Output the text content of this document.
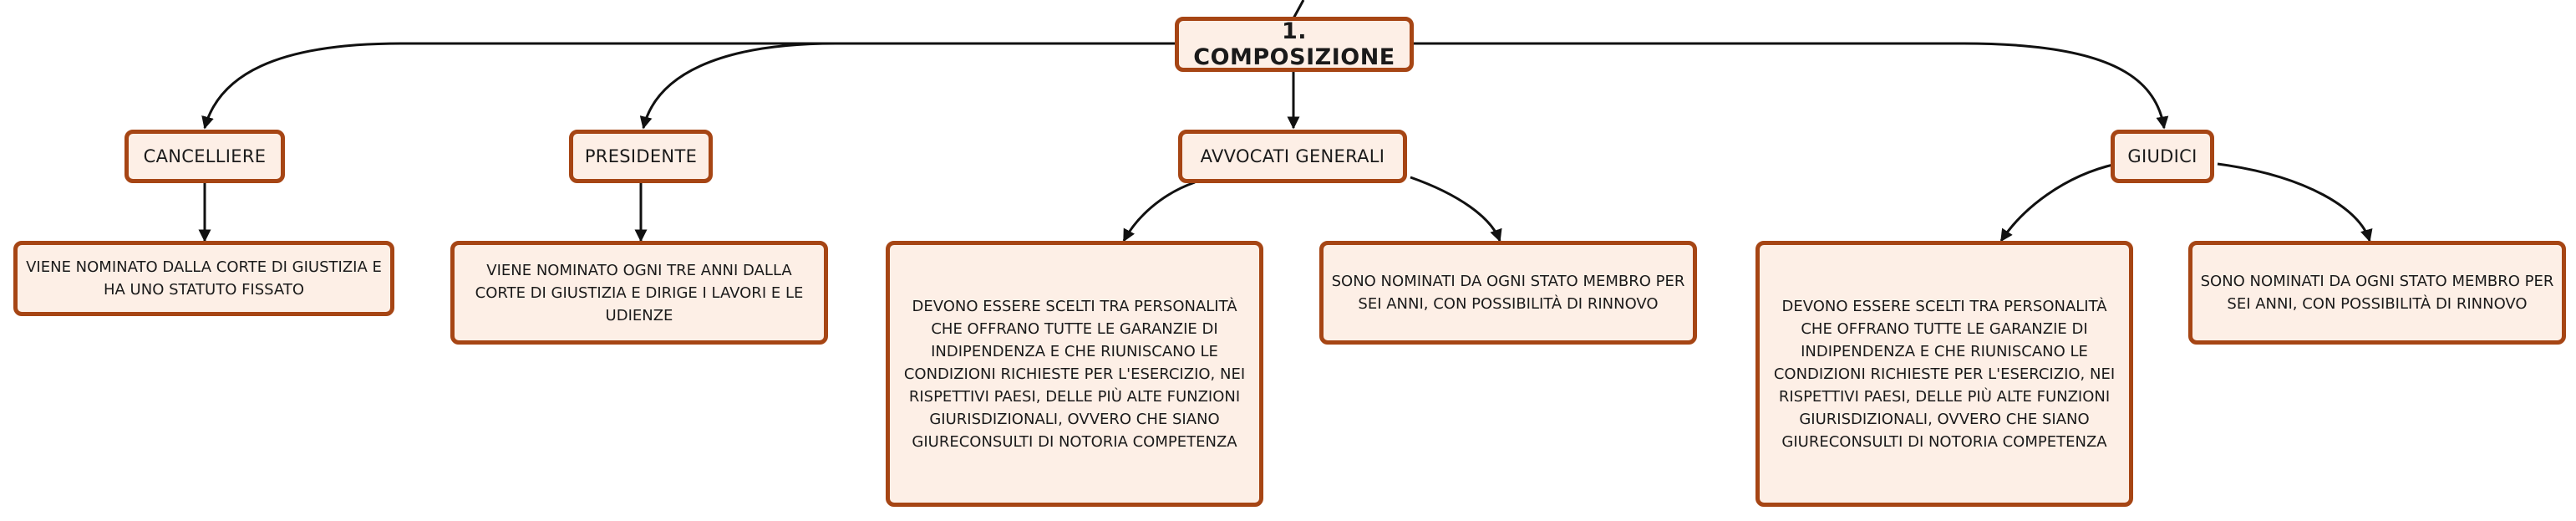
1. COMPOSIZIONE
CANCELLIERE	PRESIDENTE	AVVOCATI GENERALI	GIUDICI
VIENE NOMINATO DALLA CORTE DI GIUSTIZIA E HA UNO STATUTO FISSATO
VIENE NOMINATO OGNI TRE ANNI DALLA CORTE DI GIUSTIZIA E DIRIGE I LAVORI E LE UDIENZE
DEVONO ESSERE SCELTI TRA PERSONALITÀ CHE OFFRANO TUTTE LE GARANZIE DI INDIPENDENZA E CHE RIUNISCANO LE CONDIZIONI RICHIESTE PER L'ESERCIZIO, NEI RISPETTIVI PAESI, DELLE PIÙ ALTE FUNZIONI GIURISDIZIONALI, OVVERO CHE SIANO GIURECONSULTI DI NOTORIA COMPETENZA
SONO NOMINATI DA OGNI STATO MEMBRO PER SEI ANNI, CON POSSIBILITÀ DI RINNOVO	DEVONO ESSERE SCELTI TRA PERSONALITÀ CHE OFFRANO TUTTE LE GARANZIE DI INDIPENDENZA E CHE RIUNISCANO LE CONDIZIONI RICHIESTE PER L'ESERCIZIO, NEI RISPETTIVI PAESI, DELLE PIÙ ALTE FUNZIONI GIURISDIZIONALI, OVVERO CHE SIANO GIURECONSULTI DI NOTORIA COMPETENZA
SONO NOMINATI DA OGNI STATO MEMBRO PER SEI ANNI, CON POSSIBILITÀ DI RINNOVO
